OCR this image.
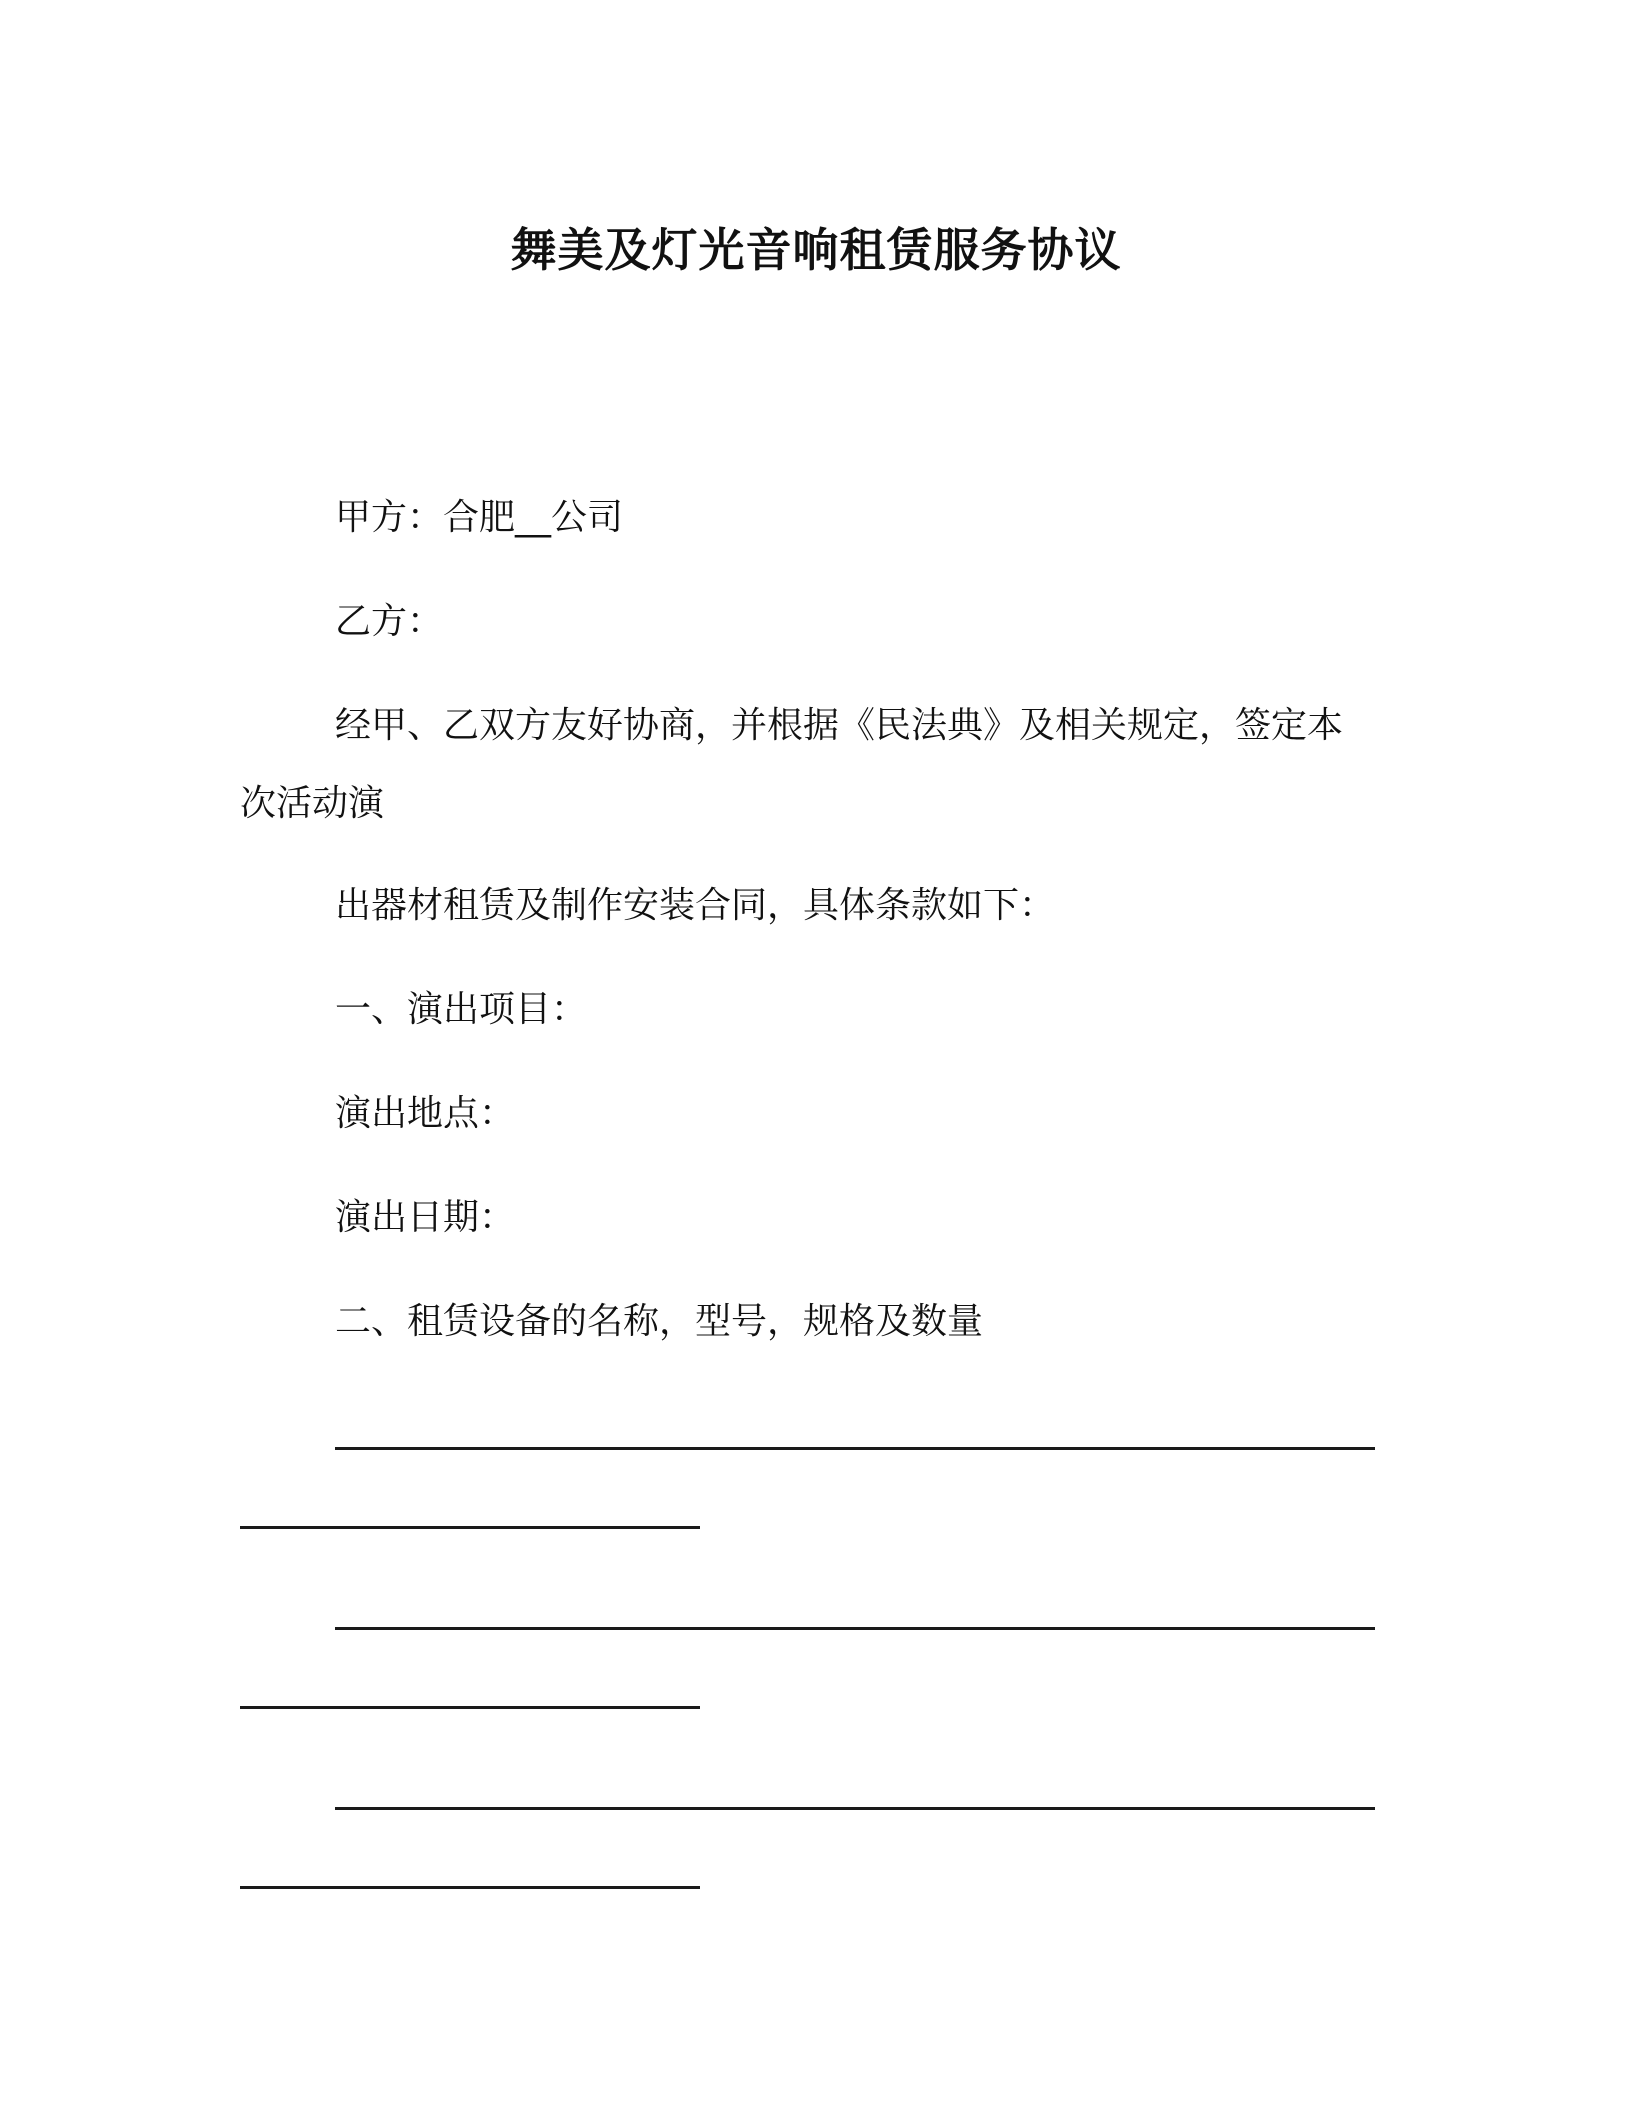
舞美及灯光音响租赁服务协议
甲方：合肥__公司
乙方：
经甲、乙双方友好协商，并根据《民法典》及相关规定，签定本
次活动演
出器材租赁及制作安装合同，具体条款如下：
一、演出项目：
演出地点：
演出日期：
二、租赁设备的名称，型号，规格及数量
